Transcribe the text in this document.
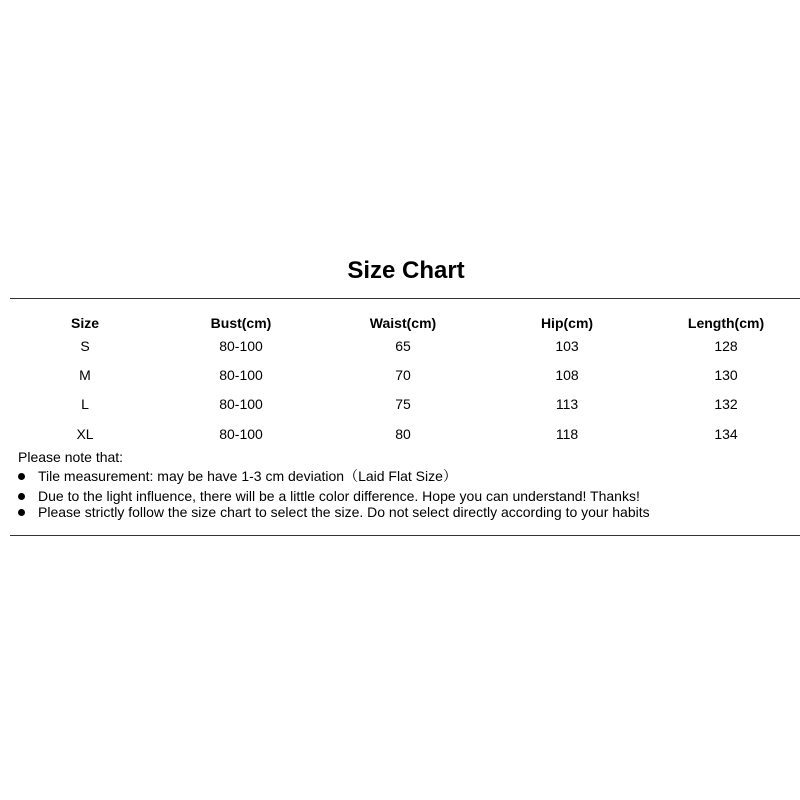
Size Chart
Size	Bust(cm)	Waist(cm)	Hip(cm)	Length(cm)
S	80-100	65	103	128
M	80-100	70	108	130
L	80-100	75	113	132
XL	80-100	80	118	134
Please note that:
Tile measurement: may be have 1-3 cm deviation（Laid Flat Size）
Due to the light influence, there will be a little color difference. Hope you can understand! Thanks!
Please strictly follow the size chart to select the size. Do not select directly according to your habits
